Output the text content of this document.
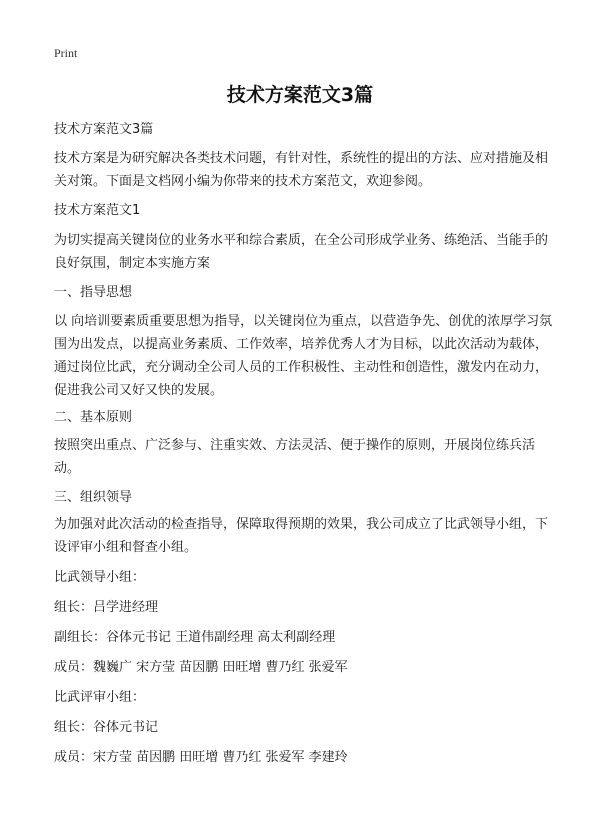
Print
技术方案范文3篇
技术方案范文3篇
技术方案是为研究解决各类技术问题，有针对性，系统性的提出的方法、应对措施及相关对策。下面是文档网小编为你带来的技术方案范文，欢迎参阅。
技术方案范文1
为切实提高关键岗位的业务水平和综合素质，在全公司形成学业务、练绝活、当能手的良好氛围，制定本实施方案
一、指导思想
以 向培训要素质重要思想为指导，以关键岗位为重点，以营造争先、创优的浓厚学习氛围为出发点，以提高业务素质、工作效率，培养优秀人才为目标，以此次活动为载体，通过岗位比武，充分调动全公司人员的工作积极性、主动性和创造性，激发内在动力，促进我公司又好又快的发展。
二、基本原则
按照突出重点、广泛参与、注重实效、方法灵活、便于操作的原则，开展岗位练兵活动。
三、组织领导
为加强对此次活动的检查指导，保障取得预期的效果，我公司成立了比武领导小组，下设评审小组和督查小组。
比武领导小组：
组长：吕学进经理
副组长：谷体元书记 王道伟副经理 高太利副经理
成员：魏巍广 宋方莹 苗因鹏 田旺增 曹乃红 张爱军
比武评审小组：
组长：谷体元书记
成员：宋方莹 苗因鹏 田旺增 曹乃红 张爱军 李建玲
